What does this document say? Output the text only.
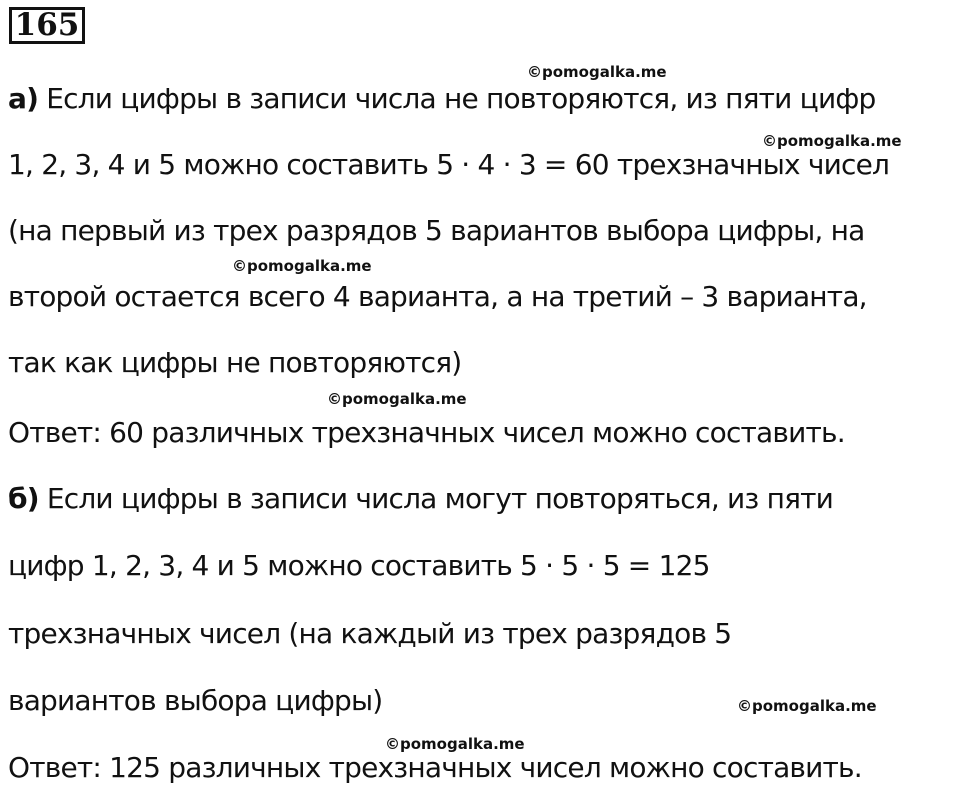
165
а) Если цифры в записи числа не повторяются, из пяти цифр
1, 2, 3, 4 и 5 можно составить 5 · 4 · 3 = 60 трехзначных чисел
(на первый из трех разрядов 5 вариантов выбора цифры, на
второй остается всего 4 варианта, а на третий – 3 варианта,
так как цифры не повторяются)
Ответ: 60 различных трехзначных чисел можно составить.
б) Если цифры в записи числа могут повторяться, из пяти
цифр 1, 2, 3, 4 и 5 можно составить 5 · 5 · 5 = 125
трехзначных чисел (на каждый из трех разрядов 5
вариантов выбора цифры)
Ответ: 125 различных трехзначных чисел можно составить.
©pomogalka.me
©pomogalka.me
©pomogalka.me
©pomogalka.me
©pomogalka.me
©pomogalka.me
